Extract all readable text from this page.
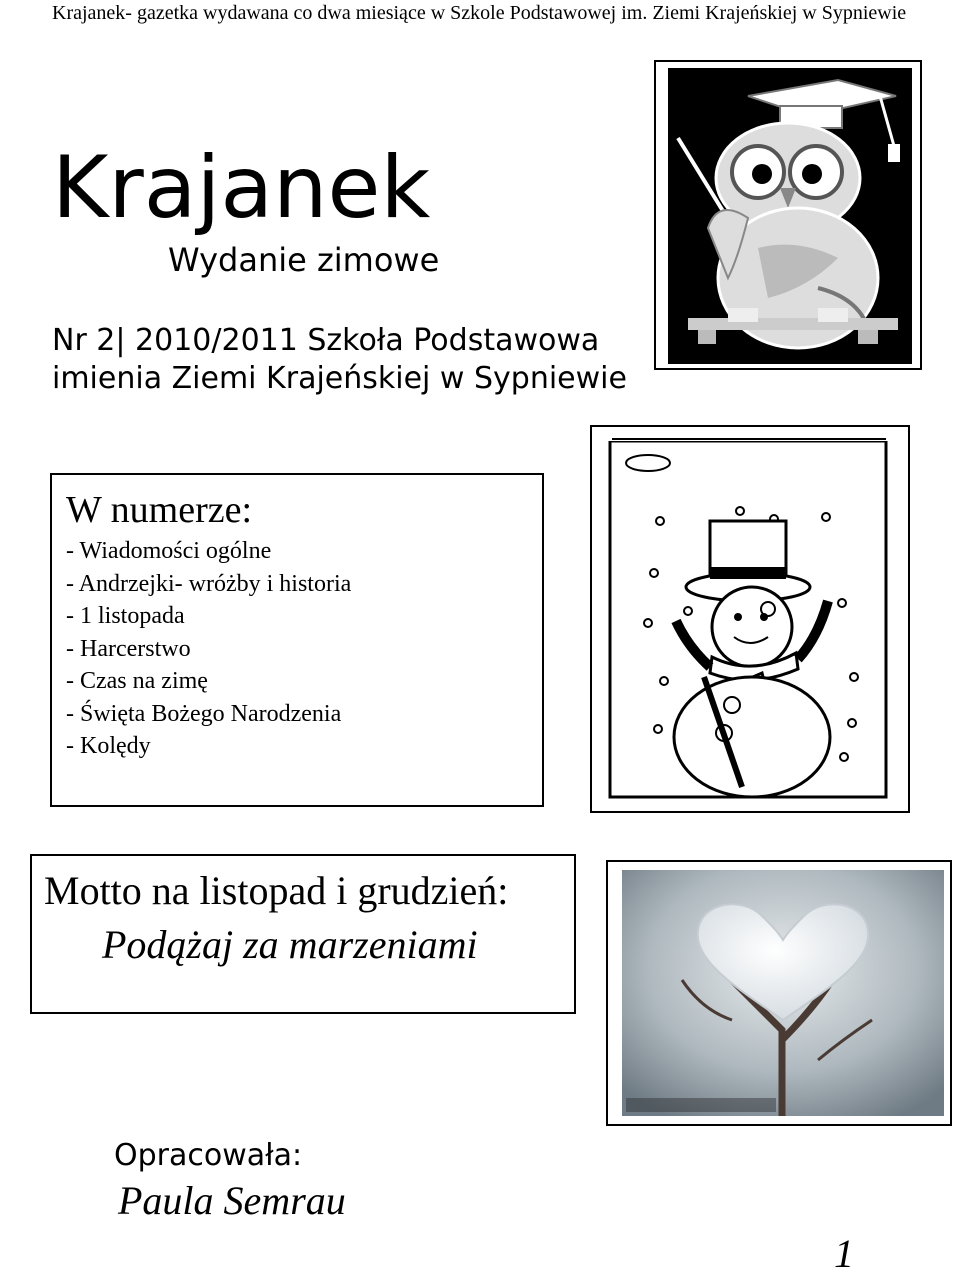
Krajanek- gazetka wydawana co dwa miesiące w Szkole Podstawowej im. Ziemi Krajeńskiej w Sypniewie
Krajanek
Wydanie zimowe
Nr 2| 2010/2011 Szkoła Podstawowa imienia Ziemi Krajeńskiej w Sypniewie
W numerze:
- Wiadomości ogólne
- Andrzejki- wróżby i historia
- 1 listopada
- Harcerstwo
- Czas na zimę
- Święta Bożego Narodzenia
- Kolędy
Motto na listopad i grudzień:
Podążaj za marzeniami
Opracowała:
Paula Semrau
1
